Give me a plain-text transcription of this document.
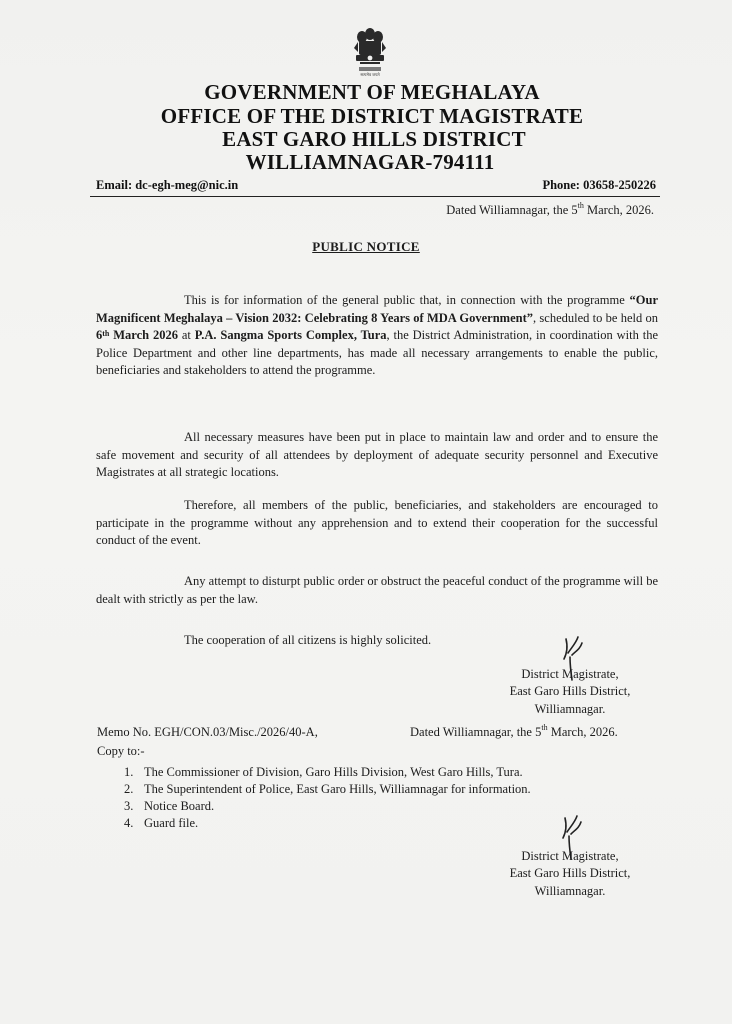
सत्यमेव जयते
GOVERNMENT OF MEGHALAYA
OFFICE OF THE DISTRICT MAGISTRATE
EAST GARO HILLS DISTRICT
WILLIAMNAGAR-794111
Email: dc-egh-meg@nic.in	Phone: 03658-250226
Dated Williamnagar, the 5th March, 2026.
PUBLIC NOTICE
This is for information of the general public that, in connection with the programme “Our Magnificent Meghalaya – Vision 2032: Celebrating 8 Years of MDA Government”, scheduled to be held on 6th March 2026 at P.A. Sangma Sports Complex, Tura, the District Administration, in coordination with the Police Department and other line departments, has made all necessary arrangements to enable the public, beneficiaries and stakeholders to attend the programme.
All necessary measures have been put in place to maintain law and order and to ensure the safe movement and security of all attendees by deployment of adequate security personnel and Executive Magistrates at all strategic locations.
Therefore, all members of the public, beneficiaries, and stakeholders are encouraged to participate in the programme without any apprehension and to extend their cooperation for the successful conduct of the event.
Any attempt to disturpt public order or obstruct the peaceful conduct of the programme will be dealt with strictly as per the law.
The cooperation of all citizens is highly solicited.
District Magistrate,
East Garo Hills District,
Williamnagar.
Memo No. EGH/CON.03/Misc./2026/40-A,	Dated Williamnagar, the 5th March, 2026.
Copy to:-
1. The Commissioner of Division, Garo Hills Division, West Garo Hills, Tura.
2. The Superintendent of Police, East Garo Hills, Williamnagar for information.
3. Notice Board.
4. Guard file.
District Magistrate,
East Garo Hills District,
Williamnagar.
